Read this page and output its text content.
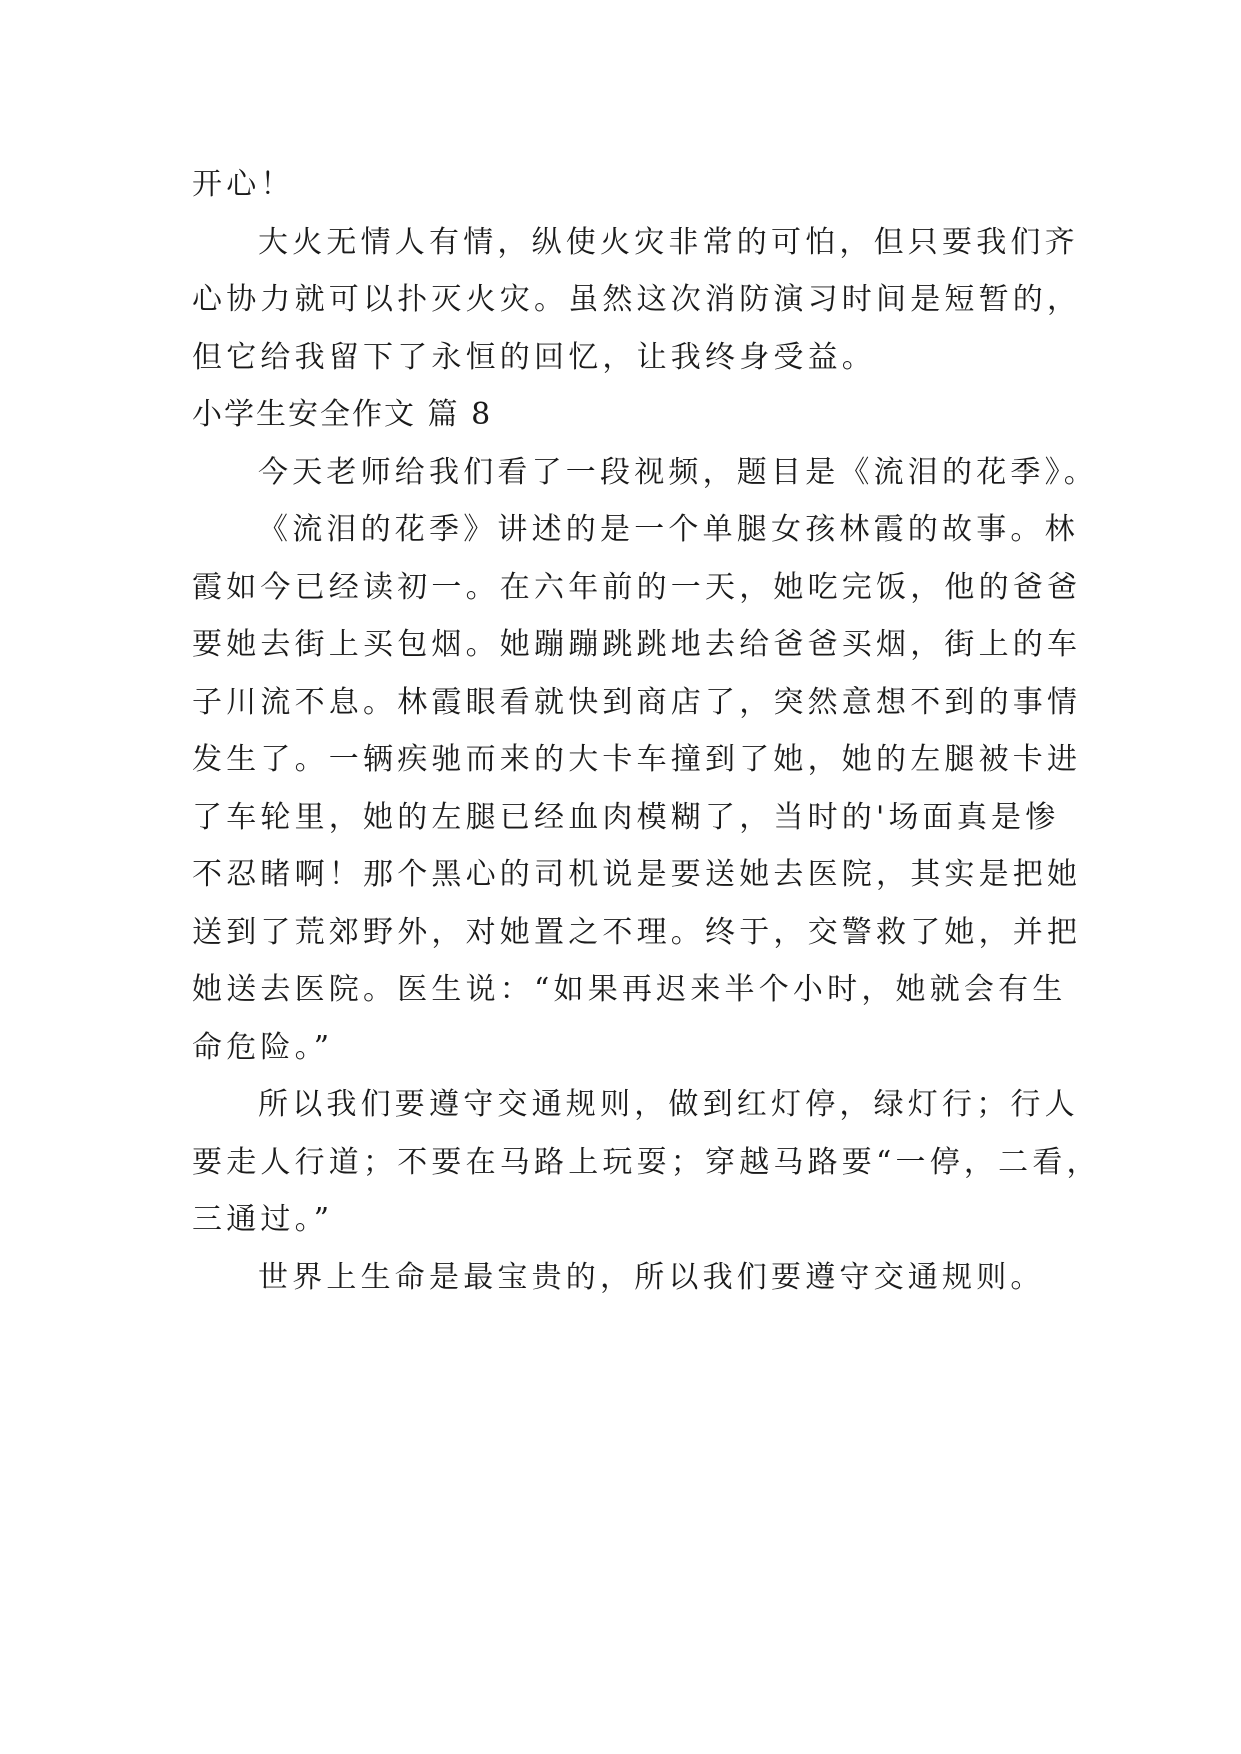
开心！
大火无情人有情，纵使火灾非常的可怕，但只要我们齐
心协力就可以扑灭火灾。虽然这次消防演习时间是短暂的，
但它给我留下了永恒的回忆，让我终身受益。
小学生安全作文 篇 8
今天老师给我们看了一段视频，题目是《流泪的花季》。
《流泪的花季》讲述的是一个单腿女孩林霞的故事。林
霞如今已经读初一。在六年前的一天，她吃完饭，他的爸爸
要她去街上买包烟。她蹦蹦跳跳地去给爸爸买烟，街上的车
子川流不息。林霞眼看就快到商店了，突然意想不到的事情
发生了。一辆疾驰而来的大卡车撞到了她，她的左腿被卡进
了车轮里，她的左腿已经血肉模糊了，当时的'场面真是惨
不忍睹啊！那个黑心的司机说是要送她去医院，其实是把她
送到了荒郊野外，对她置之不理。终于，交警救了她，并把
她送去医院。医生说：“如果再迟来半个小时，她就会有生
命危险。”
所以我们要遵守交通规则，做到红灯停，绿灯行；行人
要走人行道；不要在马路上玩耍；穿越马路要“一停，二看，
三通过。”
世界上生命是最宝贵的，所以我们要遵守交通规则。
